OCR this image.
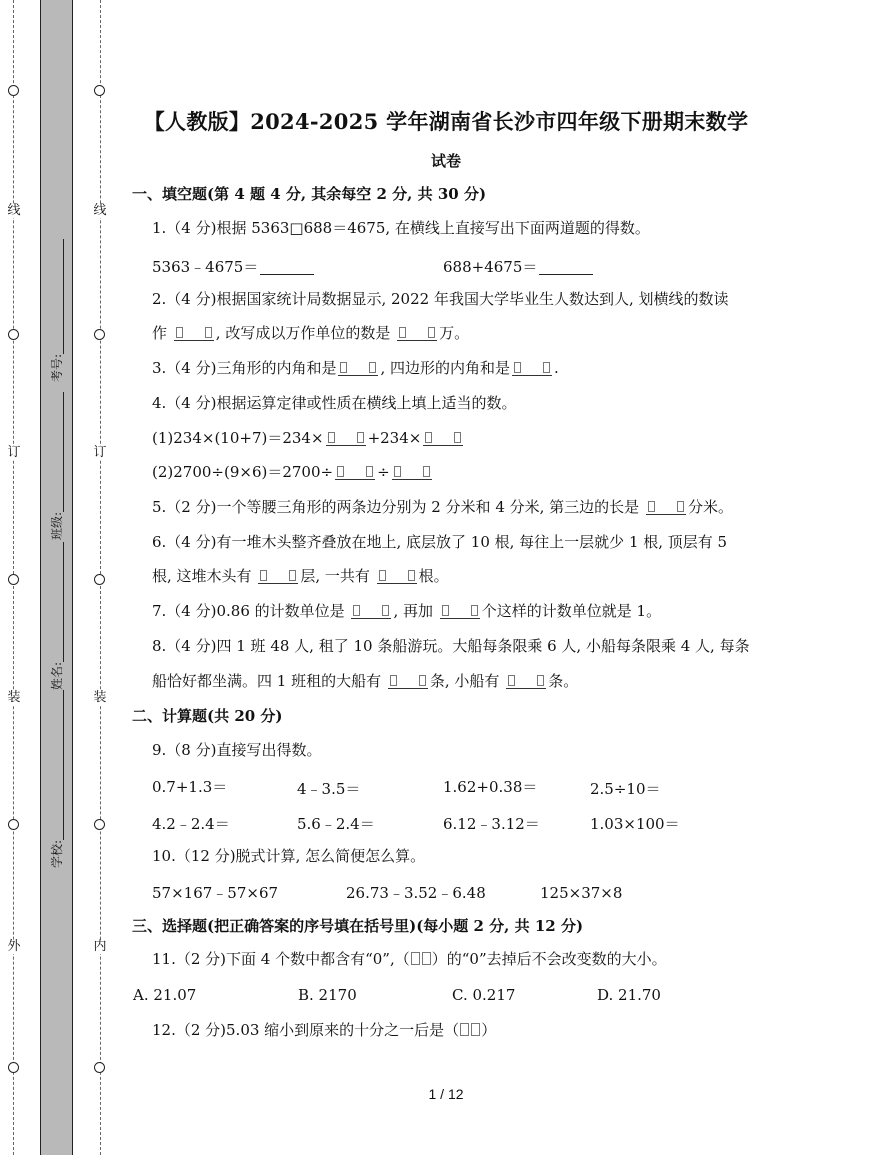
线
订
装
外
线
订
装
内
考号:
班级:
姓名:
学校:
【人教版】2024-2025 学年湖南省长沙市四年级下册期末数学
试卷
一、填空题(第 4 题 4 分, 其余每空 2 分, 共 30 分)
1.（4 分)根据 5363□688＝4675, 在横线上直接写出下面两道题的得数。
5363﹣4675＝	688+4675＝
2.（4 分)根据国家统计局数据显示, 2022 年我国大学毕业生人数达到人, 划横线的数读
作	, 改写成以万作单位的数是	万。
3.（4 分)三角形的内角和是	, 四边形的内角和是	.
4.（4 分)根据运算定律或性质在横线上填上适当的数。
(1)234×(10+7)＝234×	+234×
(2)2700÷(9×6)＝2700÷	÷
5.（2 分)一个等腰三角形的两条边分别为 2 分米和 4 分米, 第三边的长是	分米。
6.（4 分)有一堆木头整齐叠放在地上, 底层放了 10 根, 每往上一层就少 1 根, 顶层有 5
根, 这堆木头有	层, 一共有	根。
7.（4 分)0.86 的计数单位是	, 再加	个这样的计数单位就是 1。
8.（4 分)四 1 班 48 人, 租了 10 条船游玩。大船每条限乘 6 人, 小船每条限乘 4 人, 每条
船恰好都坐满。四 1 班租的大船有	条, 小船有	条。
二、计算题(共 20 分)
9.（8 分)直接写出得数。
0.7+1.3＝	4﹣3.5＝	1.62+0.38＝	2.5÷10＝
4.2﹣2.4＝	5.6﹣2.4＝	6.12﹣3.12＝	1.03×100＝
10.（12 分)脱式计算, 怎么简便怎么算。
57×167﹣57×67	26.73﹣3.52﹣6.48	125×37×8
三、选择题(把正确答案的序号填在括号里)(每小题 2 分, 共 12 分)
11.（2 分)下面 4 个数中都含有“0”,（ ）的“0”去掉后不会改变数的大小。
A. 21.07	B. 2170	C. 0.217	D. 21.70
12.（2 分)5.03 缩小到原来的十分之一后是（ ）
1 / 12
